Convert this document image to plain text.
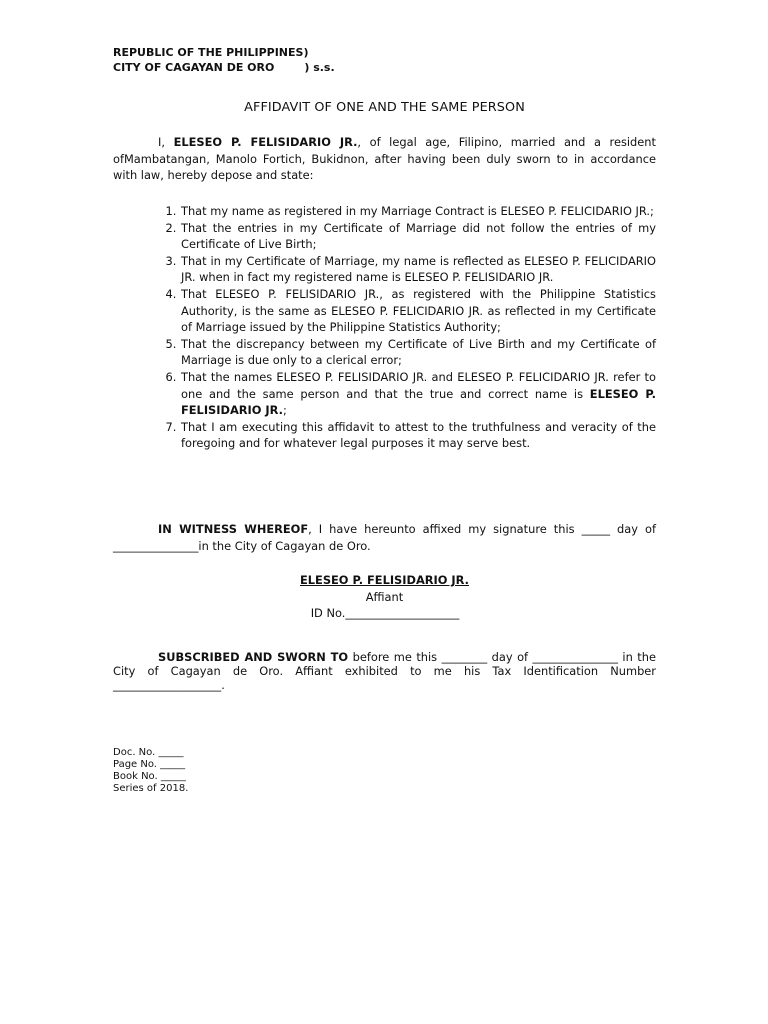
REPUBLIC OF THE PHILIPPINES)
CITY OF CAGAYAN DE ORO	) s.s.
AFFIDAVIT OF ONE AND THE SAME PERSON

I, ELESEO P. FELISIDARIO JR., of legal age, Filipino, married and a resident ofMambatangan, Manolo Fortich, Bukidnon, after having been duly sworn to in accordance with law, hereby depose and state:

1. That my name as registered in my Marriage Contract is ELESEO P. FELICIDARIO JR.;
2. That the entries in my Certificate of Marriage did not follow the entries of my Certificate of Live Birth;
3. That in my Certificate of Marriage, my name is reflected as ELESEO P. FELICIDARIO JR. when in fact my registered name is ELESEO P. FELISIDARIO JR.
4. That ELESEO P. FELISIDARIO JR., as registered with the Philippine Statistics Authority, is the same as ELESEO P. FELICIDARIO JR. as reflected in my Certificate of Marriage issued by the Philippine Statistics Authority;
5. That the discrepancy between my Certificate of Live Birth and my Certificate of Marriage is due only to a clerical error;
6. That the names ELESEO P. FELISIDARIO JR. and ELESEO P. FELICIDARIO JR. refer to one and the same person and that the true and correct name is ELESEO P. FELISIDARIO JR.;
7. That I am executing this affidavit to attest to the truthfulness and veracity of the foregoing and for whatever legal purposes it may serve best.

IN WITNESS WHEREOF, I have hereunto affixed my signature this _____ day of _______________in the City of Cagayan de Oro.

ELESEO P. FELISIDARIO JR.
Affiant
ID No.____________________

SUBSCRIBED AND SWORN TO before me this ________ day of _______________ in the City of Cagayan de Oro. Affiant exhibited to me his Tax Identification Number ___________________.

Doc. No. _____
Page No. _____
Book No. _____
Series of 2018.
